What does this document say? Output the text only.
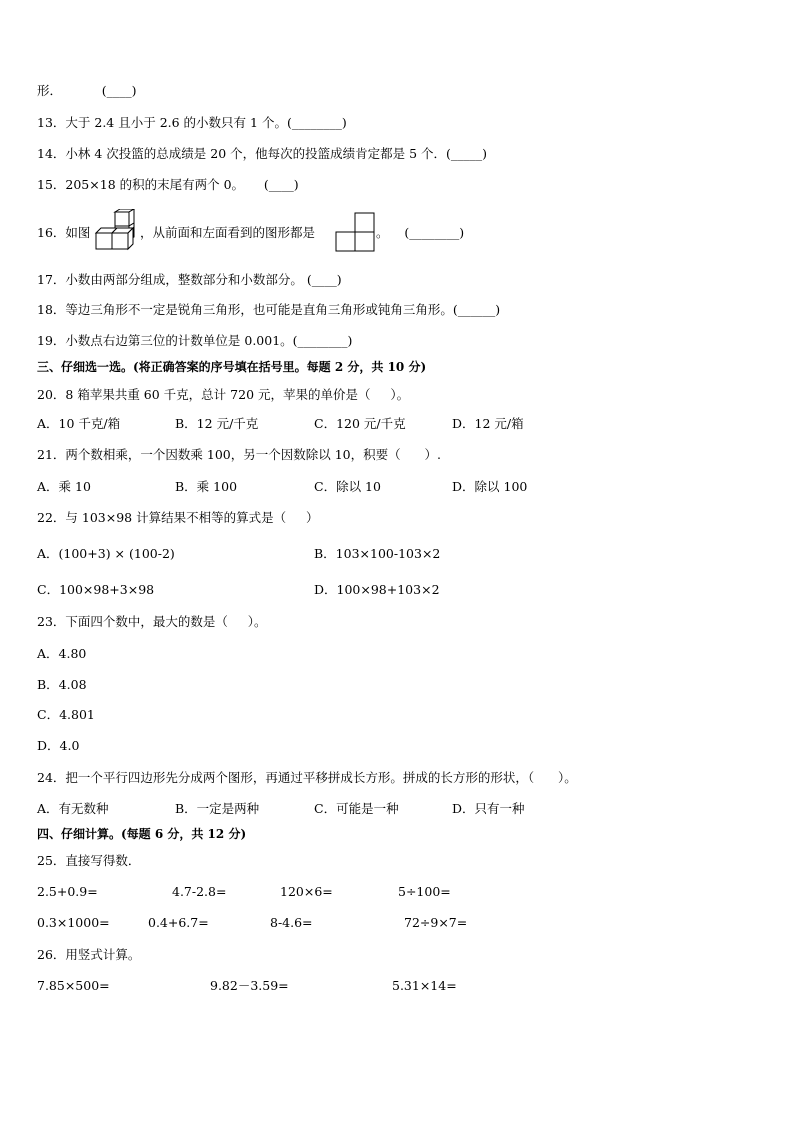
形．          (____)
13．大于 2.4 且小于 2.6 的小数只有 1 个。(________)
14．小林 4 次投篮的总成绩是 20 个，他每次的投篮成绩肯定都是 5 个．(_____)
15．205×18 的积的末尾有两个 0。     (____)
16．如图	，从前面和左面看到的图形都是	。    (________)
17．小数由两部分组成，整数部分和小数部分。 (____)
18．等边三角形不一定是锐角三角形，也可能是直角三角形或钝角三角形。(______)
19．小数点右边第三位的计数单位是 0.001。(________)
三、仔细选一选。(将正确答案的序号填在括号里。每题 2 分，共 10 分)
20．8 箱苹果共重 60 千克，总计 720 元，苹果的单价是（     ）。
A．10 千克/箱	B．12 元/千克	C．120 元/千克	D．12 元/箱
21．两个数相乘，一个因数乘 100，另一个因数除以 10，积要（      ）.
A．乘 10	B．乘 100	C．除以 10	D．除以 100
22．与 103×98 计算结果不相等的算式是（     ）
A．(100+3) × (100-2)	B．103×100-103×2
C．100×98+3×98	D．100×98+103×2
23．下面四个数中，最大的数是（     ）。
A．4.80
B．4.08
C．4.801
D．4.0
24．把一个平行四边形先分成两个图形，再通过平移拼成长方形。拼成的长方形的形状，（      ）。
A．有无数种	B．一定是两种	C．可能是一种	D．只有一种
四、仔细计算。(每题 6 分，共 12 分)
25．直接写得数．
2.5+0.9=	4.7-2.8=	120×6=	5÷100=
0.3×1000=	0.4+6.7=	8-4.6=	72÷9×7=
26．用竖式计算。
7.85×500=	9.82－3.59=	5.31×14=
